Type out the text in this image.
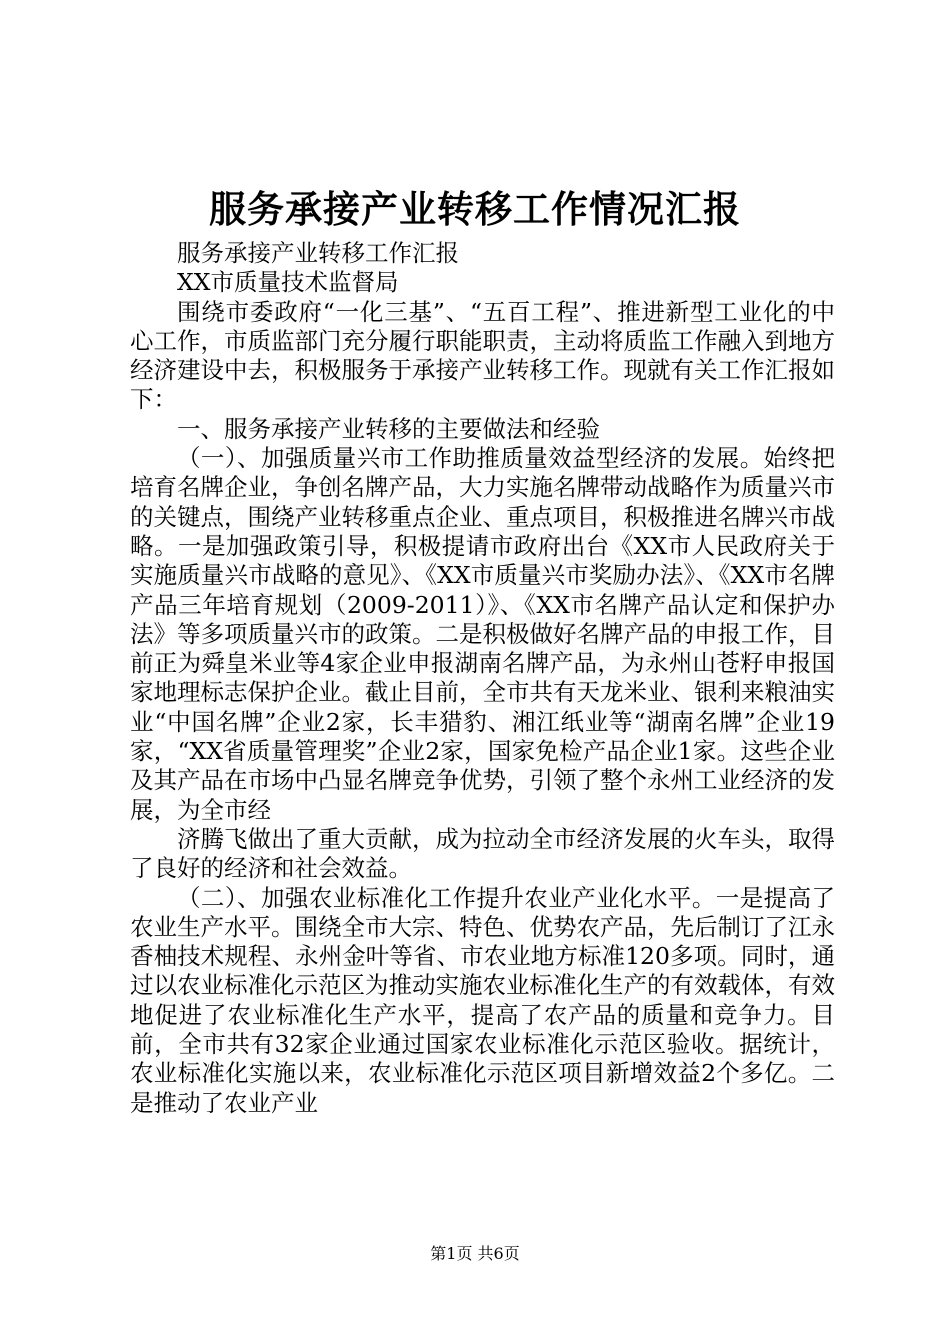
服务承接产业转移工作情况汇报

服务承接产业转移工作汇报

XX市质量技术监督局

围绕市委政府“一化三基”、“五百工程”、推进新型工业化的中心工作，市质监部门充分履行职能职责，主动将质监工作融入到地方经济建设中去，积极服务于承接产业转移工作。现就有关工作汇报如下：

一、服务承接产业转移的主要做法和经验

（一）、加强质量兴市工作助推质量效益型经济的发展。始终把培育名牌企业，争创名牌产品，大力实施名牌带动战略作为质量兴市的关键点，围绕产业转移重点企业、重点项目，积极推进名牌兴市战略。一是加强政策引导，积极提请市政府出台《XX市人民政府关于实施质量兴市战略的意见》、《XX市质量兴市奖励办法》、《XX市名牌产品三年培育规划（2009-2011）》、《XX市名牌产品认定和保护办法》等多项质量兴市的政策。二是积极做好名牌产品的申报工作，目前正为舜皇米业等4家企业申报湖南名牌产品，为永州山苍籽申报国家地理标志保护企业。截止目前，全市共有天龙米业、银利来粮油实业“中国名牌”企业2家，长丰猎豹、湘江纸业等“湖南名牌”企业19家，“XX省质量管理奖”企业2家，国家免检产品企业1家。这些企业及其产品在市场中凸显名牌竞争优势，引领了整个永州工业经济的发展，为全市经

济腾飞做出了重大贡献，成为拉动全市经济发展的火车头，取得了良好的经济和社会效益。

（二）、加强农业标准化工作提升农业产业化水平。一是提高了农业生产水平。围绕全市大宗、特色、优势农产品，先后制订了江永香柚技术规程、永州金叶等省、市农业地方标准120多项。同时，通过以农业标准化示范区为推动实施农业标准化生产的有效载体，有效地促进了农业标准化生产水平，提高了农产品的质量和竞争力。目前，全市共有32家企业通过国家农业标准化示范区验收。据统计，农业标准化实施以来，农业标准化示范区项目新增效益2个多亿。二是推动了农业产业

第1页 共6页
